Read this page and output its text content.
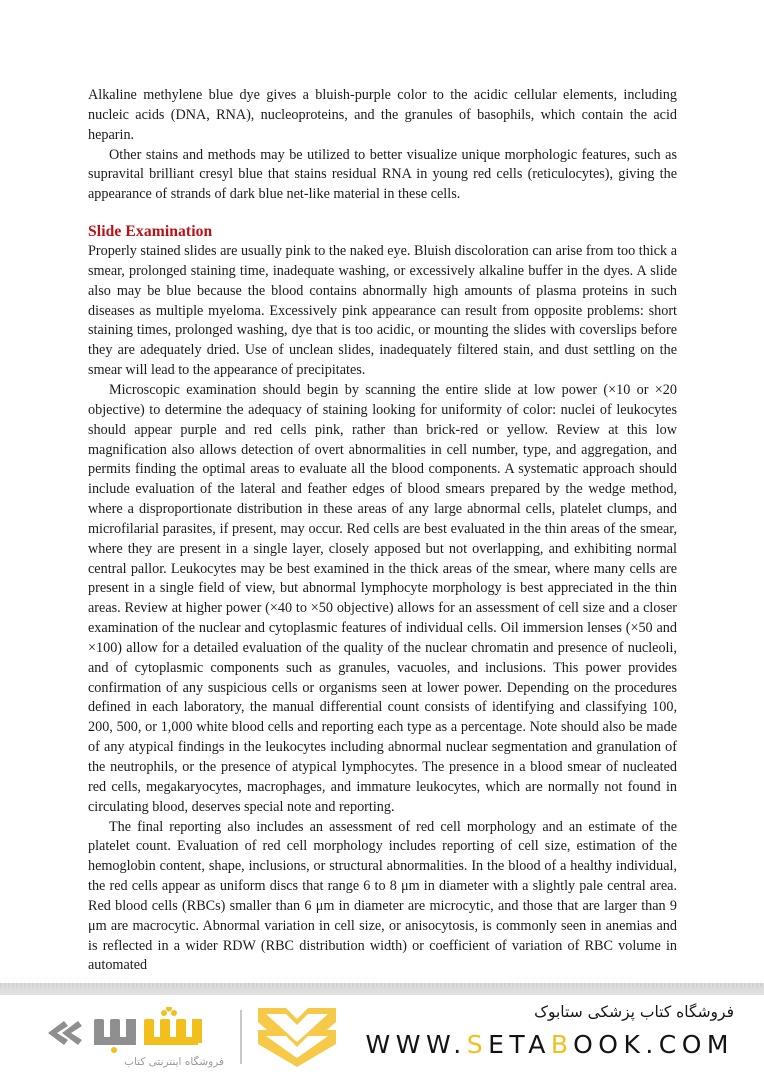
Alkaline methylene blue dye gives a bluish-purple color to the acidic cellular elements, including nucleic acids (DNA, RNA), nucleoproteins, and the granules of basophils, which contain the acid heparin.

Other stains and methods may be utilized to better visualize unique morphologic features, such as supravital brilliant cresyl blue that stains residual RNA in young red cells (reticulocytes), giving the appearance of strands of dark blue net-like material in these cells.

Slide Examination

Properly stained slides are usually pink to the naked eye. Bluish discoloration can arise from too thick a smear, prolonged staining time, inadequate washing, or excessively alkaline buffer in the dyes. A slide also may be blue because the blood contains abnormally high amounts of plasma proteins in such diseases as multiple myeloma. Excessively pink appearance can result from opposite problems: short staining times, prolonged washing, dye that is too acidic, or mounting the slides with coverslips before they are adequately dried. Use of unclean slides, inadequately filtered stain, and dust settling on the smear will lead to the appearance of precipitates.

Microscopic examination should begin by scanning the entire slide at low power (×10 or ×20 objective) to determine the adequacy of staining looking for uniformity of color: nuclei of leukocytes should appear purple and red cells pink, rather than brick-red or yellow. Review at this low magnification also allows detection of overt abnormalities in cell number, type, and aggregation, and permits finding the optimal areas to evaluate all the blood components. A systematic approach should include evaluation of the lateral and feather edges of blood smears prepared by the wedge method, where a disproportionate distribution in these areas of any large abnormal cells, platelet clumps, and microfilarial parasites, if present, may occur. Red cells are best evaluated in the thin areas of the smear, where they are present in a single layer, closely apposed but not overlapping, and exhibiting normal central pallor. Leukocytes may be best examined in the thick areas of the smear, where many cells are present in a single field of view, but abnormal lymphocyte morphology is best appreciated in the thin areas. Review at higher power (×40 to ×50 objective) allows for an assessment of cell size and a closer examination of the nuclear and cytoplasmic features of individual cells. Oil immersion lenses (×50 and ×100) allow for a detailed evaluation of the quality of the nuclear chromatin and presence of nucleoli, and of cytoplasmic components such as granules, vacuoles, and inclusions. This power provides confirmation of any suspicious cells or organisms seen at lower power. Depending on the procedures defined in each laboratory, the manual differential count consists of identifying and classifying 100, 200, 500, or 1,000 white blood cells and reporting each type as a percentage. Note should also be made of any atypical findings in the leukocytes including abnormal nuclear segmentation and granulation of the neutrophils, or the presence of atypical lymphocytes. The presence in a blood smear of nucleated red cells, megakaryocytes, macrophages, and immature leukocytes, which are normally not found in circulating blood, deserves special note and reporting.

The final reporting also includes an assessment of red cell morphology and an estimate of the platelet count. Evaluation of red cell morphology includes reporting of cell size, estimation of the hemoglobin content, shape, inclusions, or structural abnormalities. In the blood of a healthy individual, the red cells appear as uniform discs that range 6 to 8 μm in diameter with a slightly pale central area. Red blood cells (RBCs) smaller than 6 μm in diameter are microcytic, and those that are larger than 9 μm are macrocytic. Abnormal variation in cell size, or anisocytosis, is commonly seen in anemias and is reflected in a wider RDW (RBC distribution width) or coefficient of variation of RBC volume in automated

فروشگاه اینترنتی کتاب
فروشگاه کتاب پزشکی ستابوک
WWW.SETABOOK.COM
